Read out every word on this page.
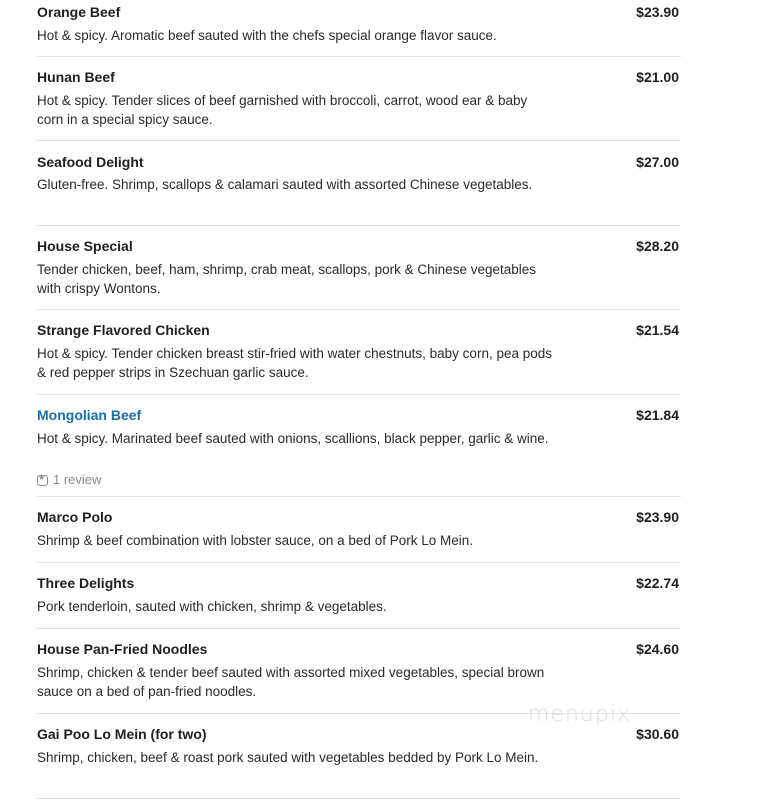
Orange Beef	$23.90
Hot & spicy. Aromatic beef sauted with the chefs special orange flavor sauce.
Hunan Beef	$21.00
Hot & spicy. Tender slices of beef garnished with broccoli, carrot, wood ear & baby corn in a special spicy sauce.
Seafood Delight	$27.00
Gluten-free. Shrimp, scallops & calamari sauted with assorted Chinese vegetables.
House Special	$28.20
Tender chicken, beef, ham, shrimp, crab meat, scallops, pork & Chinese vegetables with crispy Wontons.
Strange Flavored Chicken	$21.54
Hot & spicy. Tender chicken breast stir-fried with water chestnuts, baby corn, pea pods & red pepper strips in Szechuan garlic sauce.
Mongolian Beef	$21.84
Hot & spicy. Marinated beef sauted with onions, scallions, black pepper, garlic & wine.
★1 review
Marco Polo	$23.90
Shrimp & beef combination with lobster sauce, on a bed of Pork Lo Mein.
Three Delights	$22.74
Pork tenderloin, sauted with chicken, shrimp & vegetables.
House Pan-Fried Noodles	$24.60
Shrimp, chicken & tender beef sauted with assorted mixed vegetables, special brown sauce on a bed of pan-fried noodles.
Gai Poo Lo Mein (for two)	$30.60
Shrimp, chicken, beef & roast pork sauted with vegetables bedded by Pork Lo Mein.
menupix
